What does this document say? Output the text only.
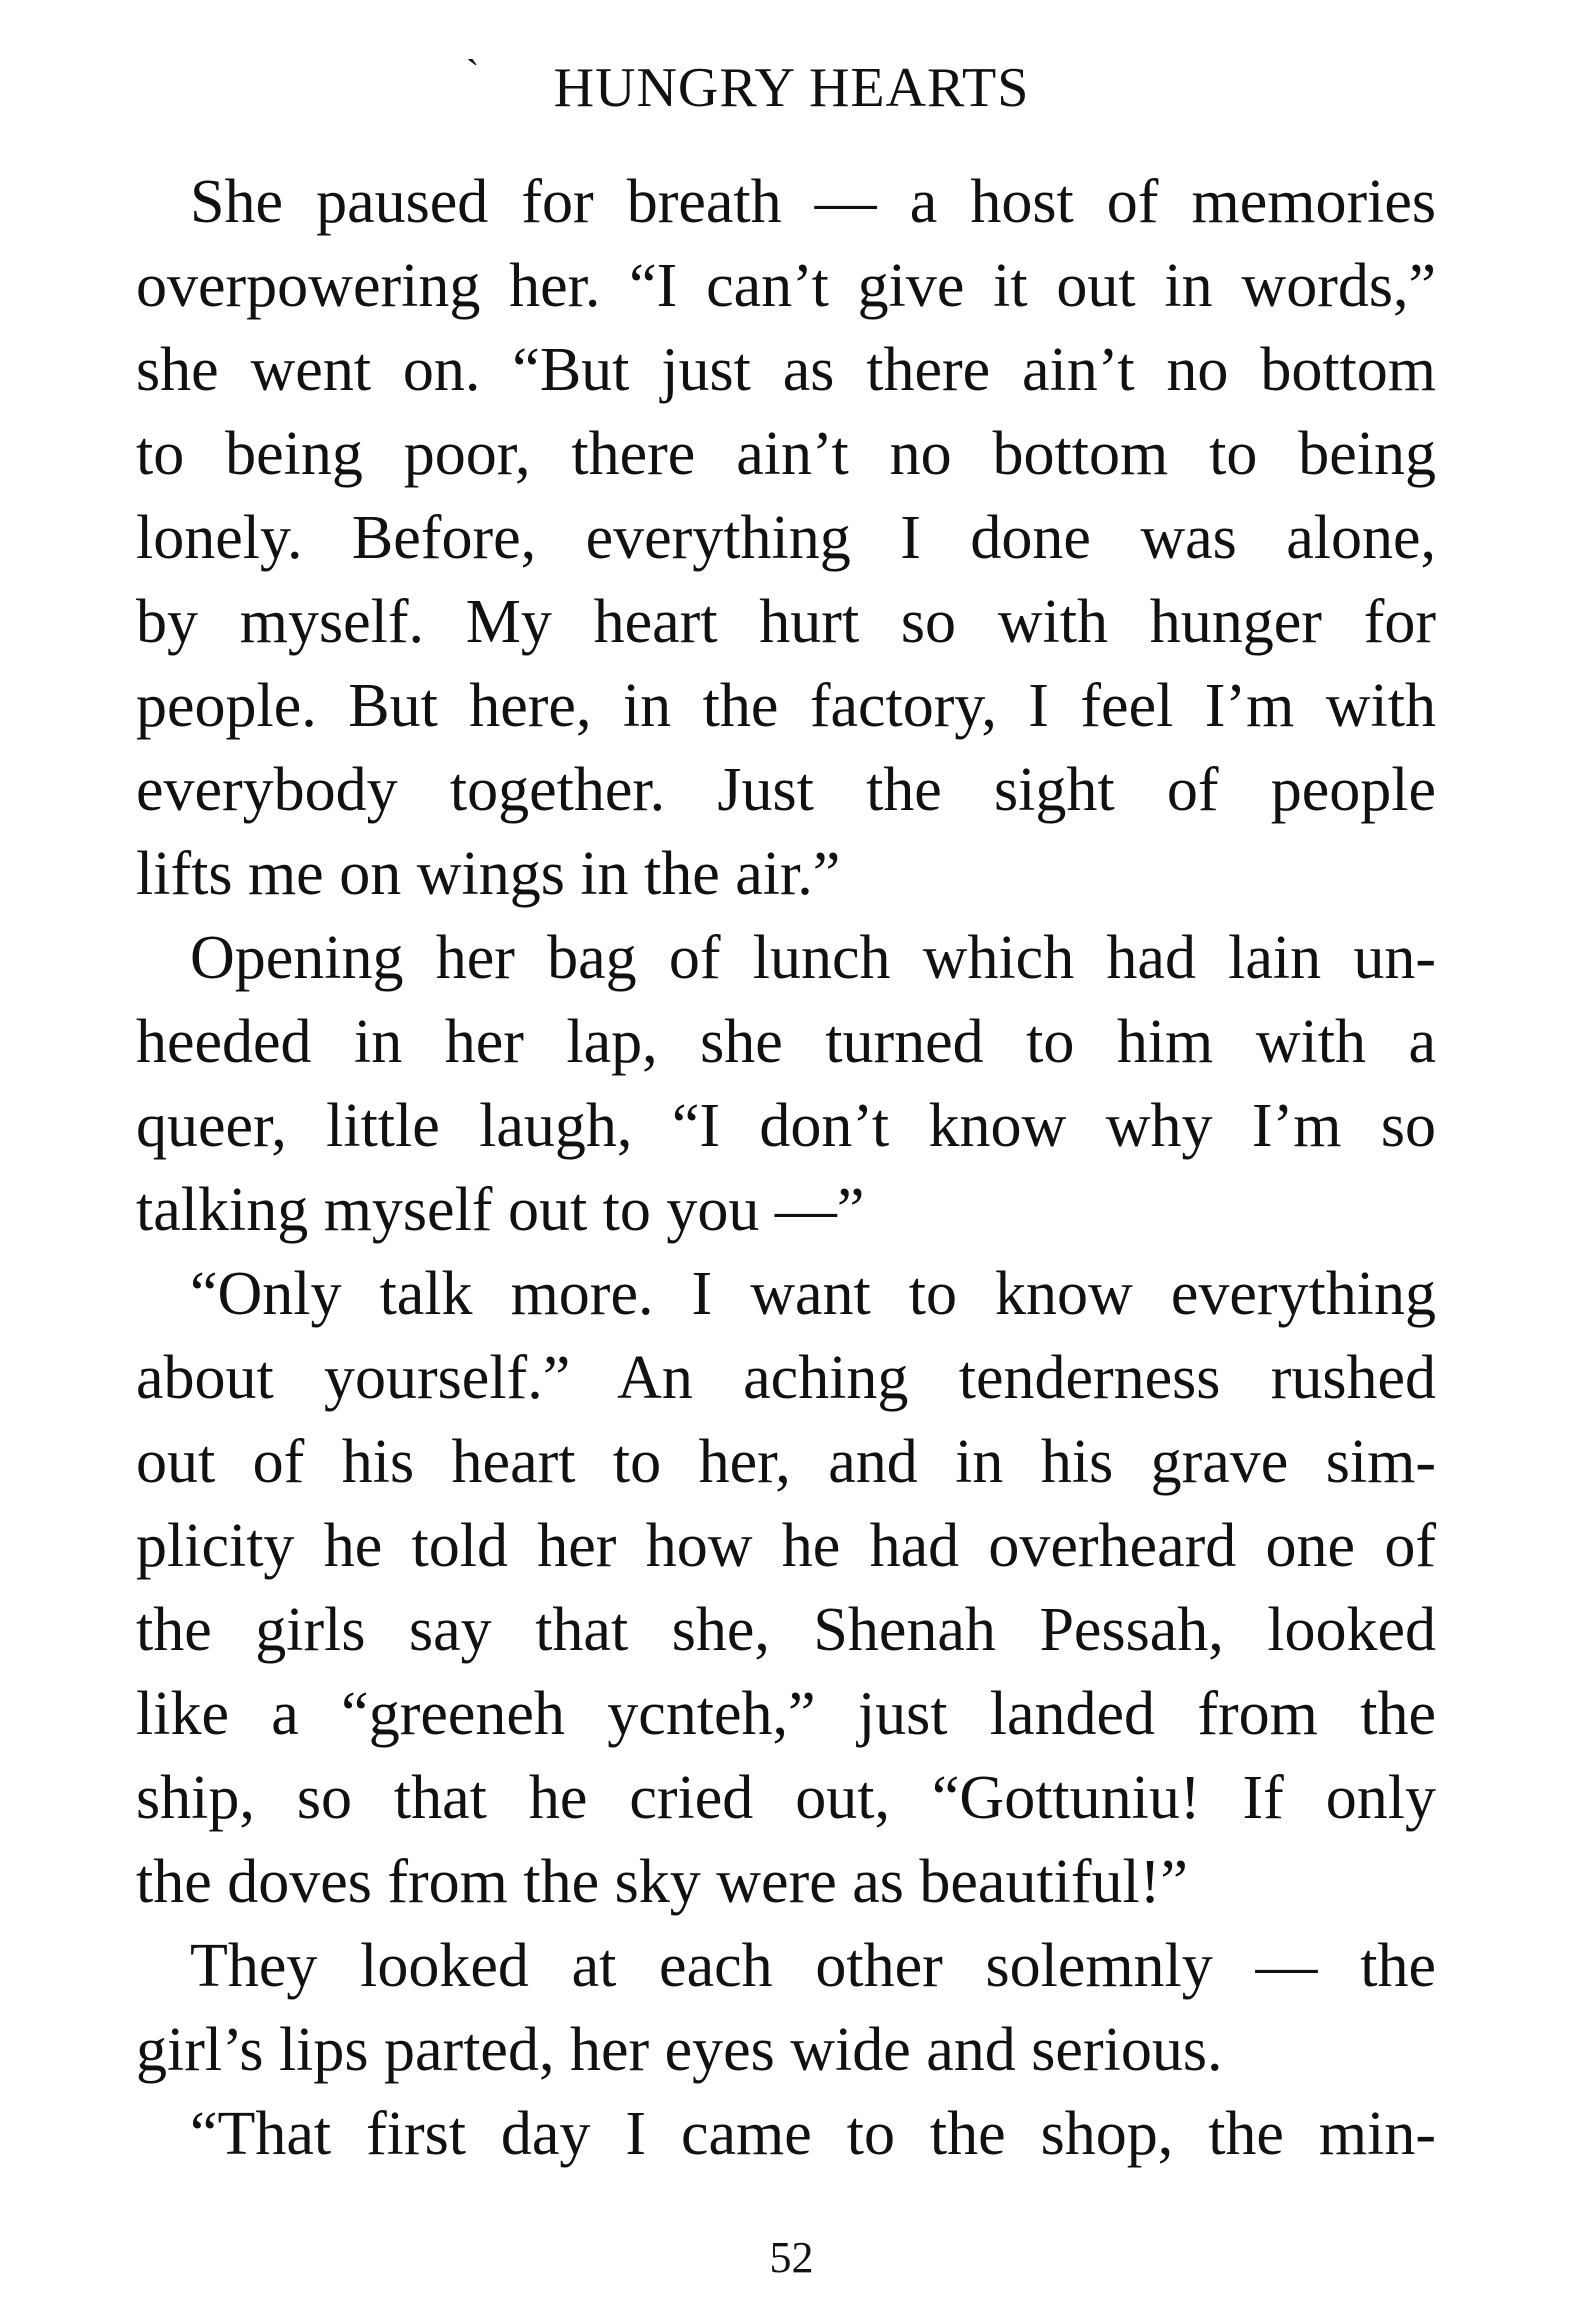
` HUNGRY HEARTS
She paused for breath — a host of memories
overpowering her. “I can’t give it out in words,”
she went on. “But just as there ain’t no bottom
to being poor, there ain’t no bottom to being
lonely. Before, everything I done was alone,
by myself. My heart hurt so with hunger for
people. But here, in the factory, I feel I’m with
everybody together. Just the sight of people
lifts me on wings in the air.”
Opening her bag of lunch which had lain un-
heeded in her lap, she turned to him with a
queer, little laugh, “I don’t know why I’m so
talking myself out to you —”
“Only talk more. I want to know everything
about yourself.” An aching tenderness rushed
out of his heart to her, and in his grave sim-
plicity he told her how he had overheard one of
the girls say that she, Shenah Pessah, looked
like a “greeneh ycnteh,” just landed from the
ship, so that he cried out, “Gottuniu! If only
the doves from the sky were as beautiful!”
They looked at each other solemnly — the
girl’s lips parted, her eyes wide and serious.
“That first day I came to the shop, the min-
52
